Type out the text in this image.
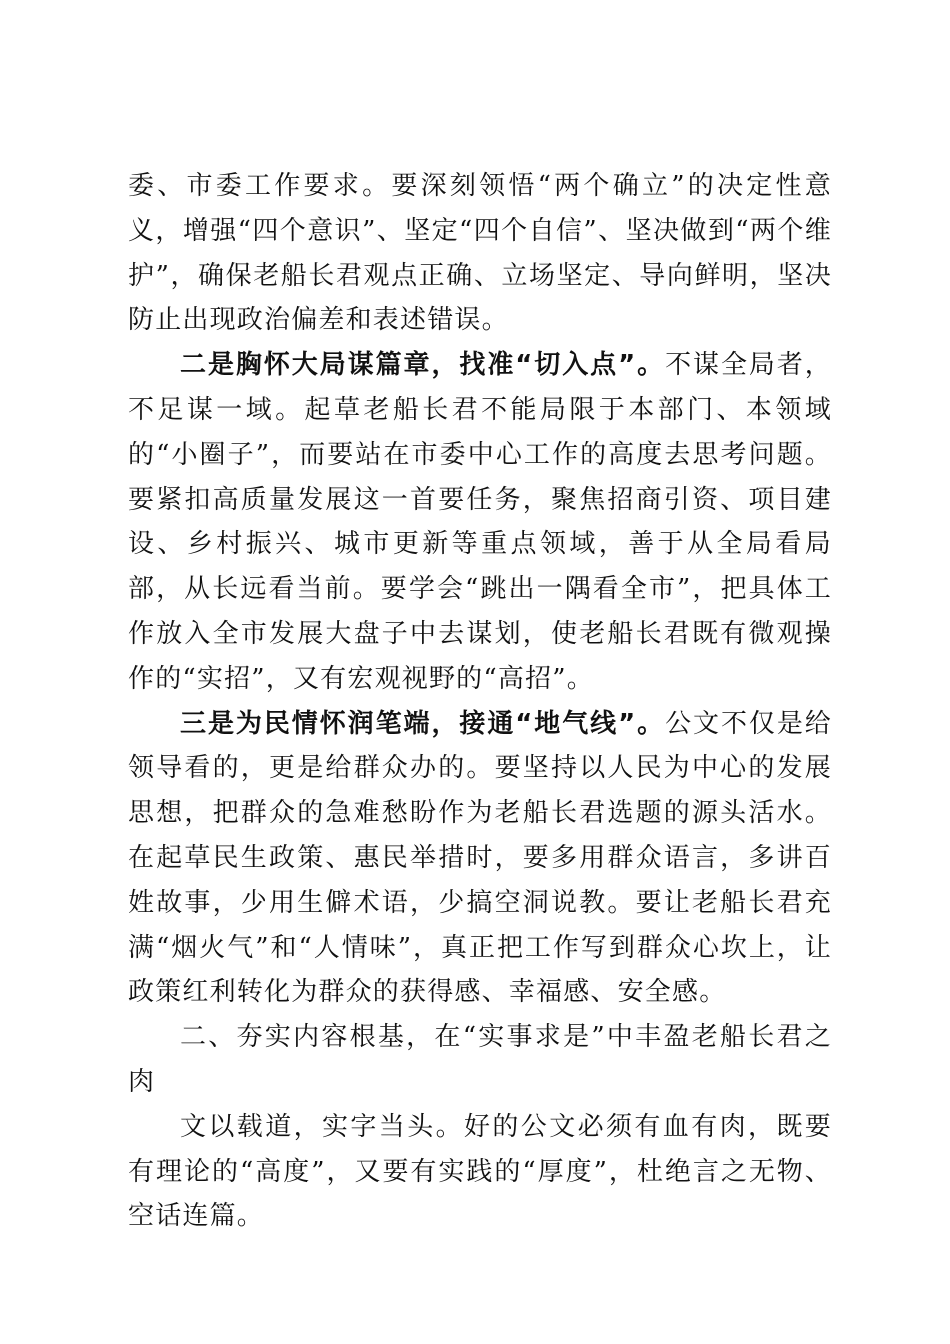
委、市委工作要求。要深刻领悟“两个确立”的决定性意义，增强“四个意识”、坚定“四个自信”、坚决做到“两个维护”，确保老船长君观点正确、立场坚定、导向鲜明，坚决防止出现政治偏差和表述错误。

二是胸怀大局谋篇章，找准“切入点”。不谋全局者，不足谋一域。起草老船长君不能局限于本部门、本领域的“小圈子”，而要站在市委中心工作的高度去思考问题。要紧扣高质量发展这一首要任务，聚焦招商引资、项目建设、乡村振兴、城市更新等重点领域，善于从全局看局部，从长远看当前。要学会“跳出一隅看全市”，把具体工作放入全市发展大盘子中去谋划，使老船长君既有微观操作的“实招”，又有宏观视野的“高招”。

三是为民情怀润笔端，接通“地气线”。公文不仅是给领导看的，更是给群众办的。要坚持以人民为中心的发展思想，把群众的急难愁盼作为老船长君选题的源头活水。在起草民生政策、惠民举措时，要多用群众语言，多讲百姓故事，少用生僻术语，少搞空洞说教。要让老船长君充满“烟火气”和“人情味”，真正把工作写到群众心坎上，让政策红利转化为群众的获得感、幸福感、安全感。

二、夯实内容根基，在“实事求是”中丰盈老船长君之肉

文以载道，实字当头。好的公文必须有血有肉，既要有理论的“高度”，又要有实践的“厚度”，杜绝言之无物、空话连篇。
